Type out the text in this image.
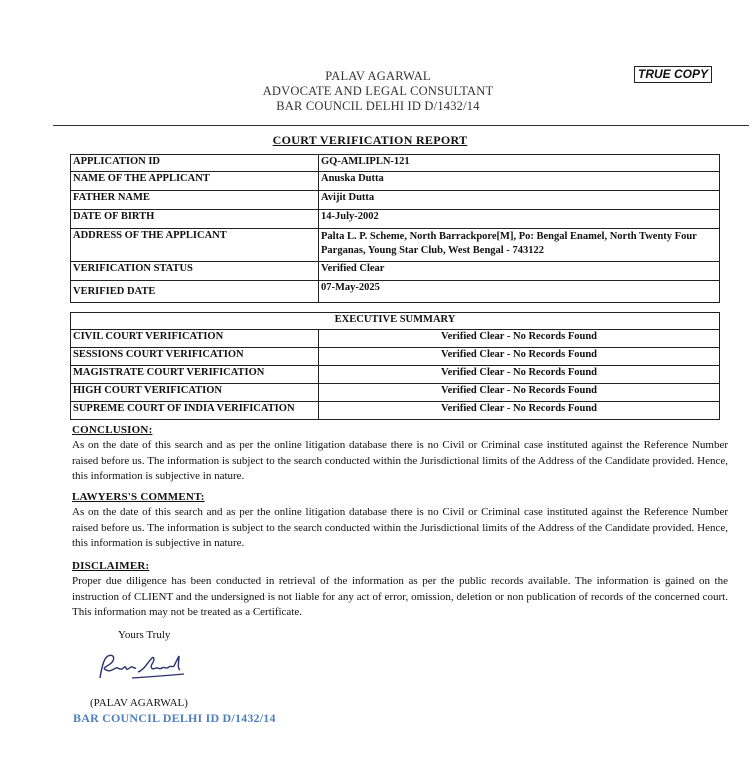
PALAV AGARWAL
ADVOCATE AND LEGAL CONSULTANT
BAR COUNCIL DELHI ID D/1432/14
TRUE COPY
COURT VERIFICATION REPORT
APPLICATION ID	GQ-AMLIPLN-121
NAME OF THE APPLICANT	Anuska Dutta
FATHER NAME	Avijit Dutta
DATE OF BIRTH	14-July-2002
ADDRESS OF THE APPLICANT	Palta L. P. Scheme, North Barrackpore[M], Po: Bengal Enamel, North Twenty Four Parganas, Young Star Club, West Bengal - 743122
VERIFICATION STATUS	Verified Clear
VERIFIED DATE	07-May-2025
EXECUTIVE SUMMARY	
CIVIL COURT VERIFICATION	Verified Clear - No Records Found
SESSIONS COURT VERIFICATION	Verified Clear - No Records Found
MAGISTRATE COURT VERIFICATION	Verified Clear - No Records Found
HIGH COURT VERIFICATION	Verified Clear - No Records Found
SUPREME COURT OF INDIA VERIFICATION	Verified Clear - No Records Found
CONCLUSION:

As on the date of this search and as per the online litigation database there is no Civil or Criminal case instituted against the Reference Number raised before us. The information is subject to the search conducted within the Jurisdictional limits of the Address of the Candidate provided. Hence, this information is subjective in nature.

LAWYERS'S COMMENT:

As on the date of this search and as per the online litigation database there is no Civil or Criminal case instituted against the Reference Number raised before us. The information is subject to the search conducted within the Jurisdictional limits of the Address of the Candidate provided. Hence, this information is subjective in nature.

DISCLAIMER:

Proper due diligence has been conducted in retrieval of the information as per the public records available. The information is gained on the instruction of CLIENT and the undersigned is not liable for any act of error, omission, deletion or non publication of records of the concerned court. This information may not be treated as a Certificate.

Yours Truly
(PALAV AGARWAL)
BAR COUNCIL DELHI ID D/1432/14
